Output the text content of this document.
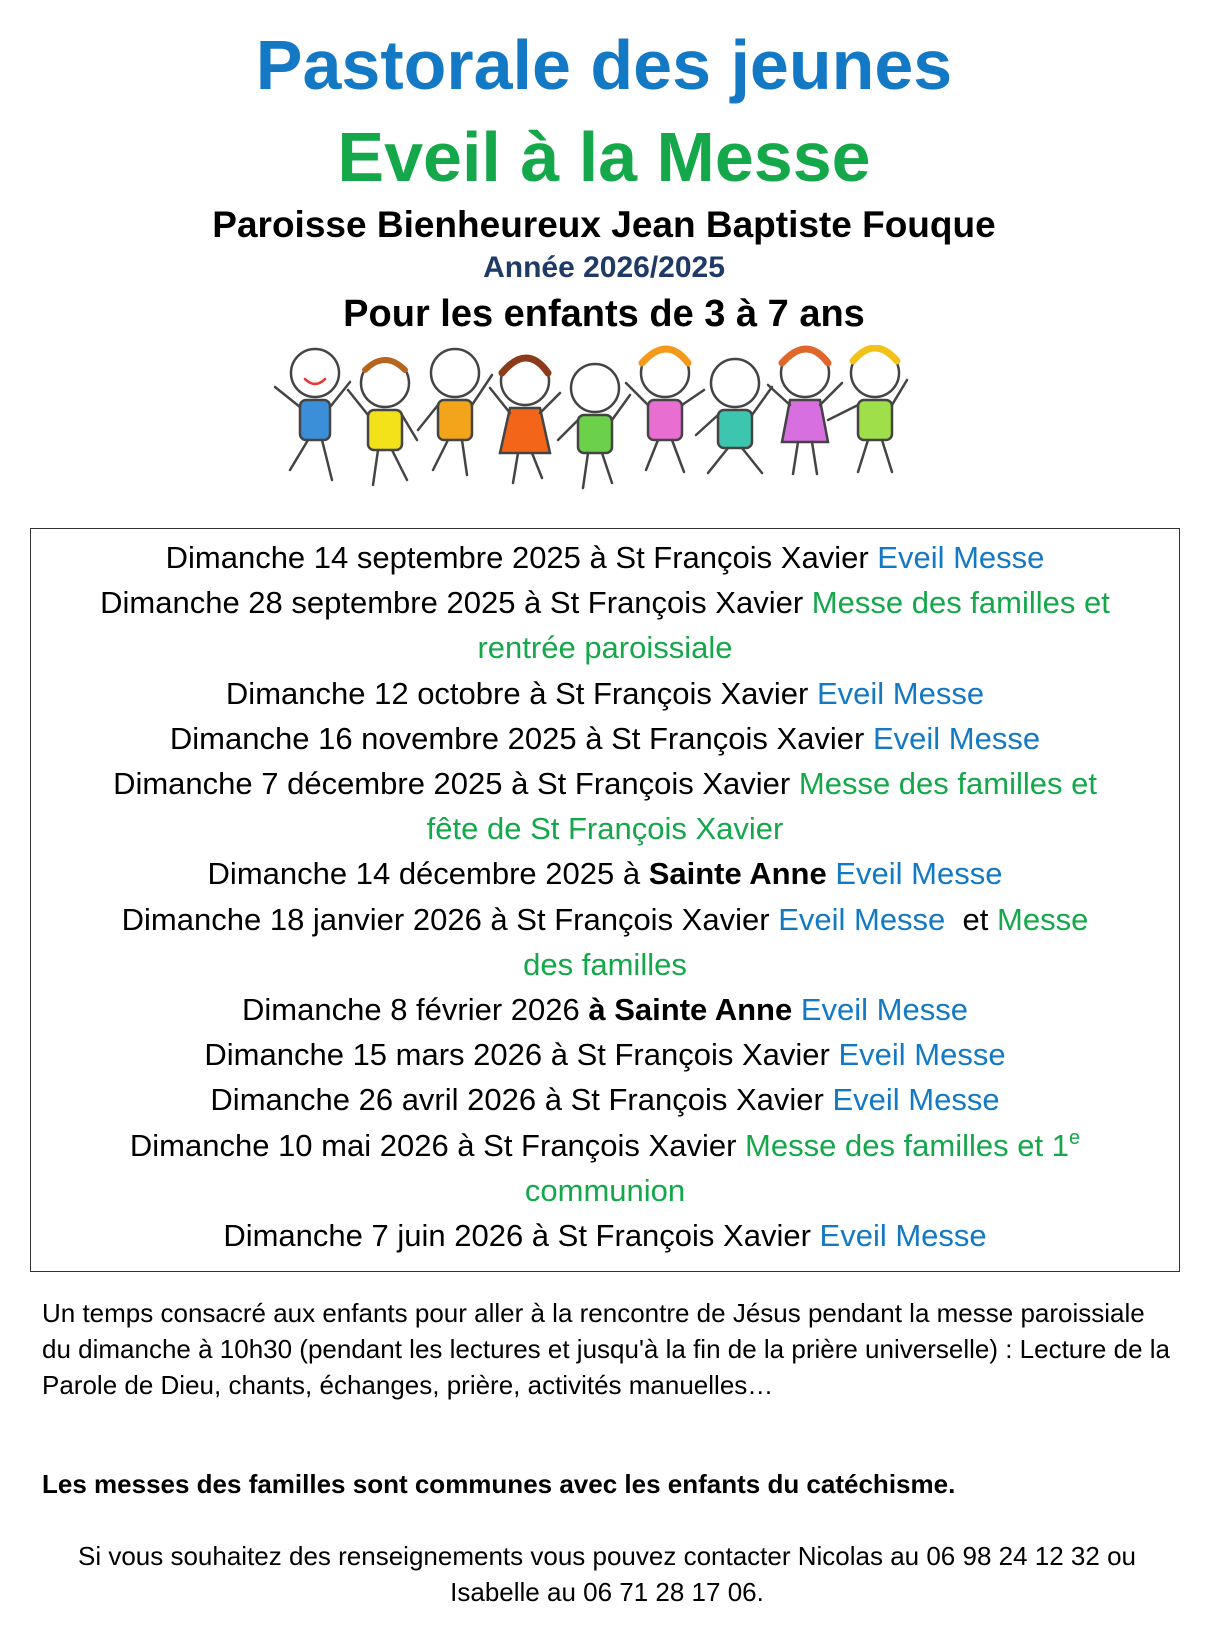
Pastorale des jeunes
Eveil à la Messe
Paroisse Bienheureux Jean Baptiste Fouque
Année 2026/2025
Pour les enfants de 3 à 7 ans

Dimanche 14 septembre 2025 à St François Xavier Eveil Messe

Dimanche 28 septembre 2025 à St François Xavier Messe des familles et
rentrée paroissiale

Dimanche 12 octobre à St François Xavier Eveil Messe

Dimanche 16 novembre 2025 à St François Xavier Eveil Messe

Dimanche 7 décembre 2025 à St François Xavier Messe des familles et
fête de St François Xavier

Dimanche 14 décembre 2025 à Sainte Anne Eveil Messe

Dimanche 18 janvier 2026 à St François Xavier Eveil Messe et Messe
des familles

Dimanche 8 février 2026 à Sainte Anne Eveil Messe

Dimanche 15 mars 2026 à St François Xavier Eveil Messe

Dimanche 26 avril 2026 à St François Xavier Eveil Messe

Dimanche 10 mai 2026 à St François Xavier Messe des familles et 1e
communion

Dimanche 7 juin 2026 à St François Xavier Eveil Messe

Un temps consacré aux enfants pour aller à la rencontre de Jésus pendant la messe paroissiale du dimanche à 10h30 (pendant les lectures et jusqu'à la fin de la prière universelle) : Lecture de la Parole de Dieu, chants, échanges, prière, activités manuelles…
Les messes des familles sont communes avec les enfants du catéchisme.
Si vous souhaitez des renseignements vous pouvez contacter Nicolas au 06 98 24 12 32 ou Isabelle au 06 71 28 17 06.
